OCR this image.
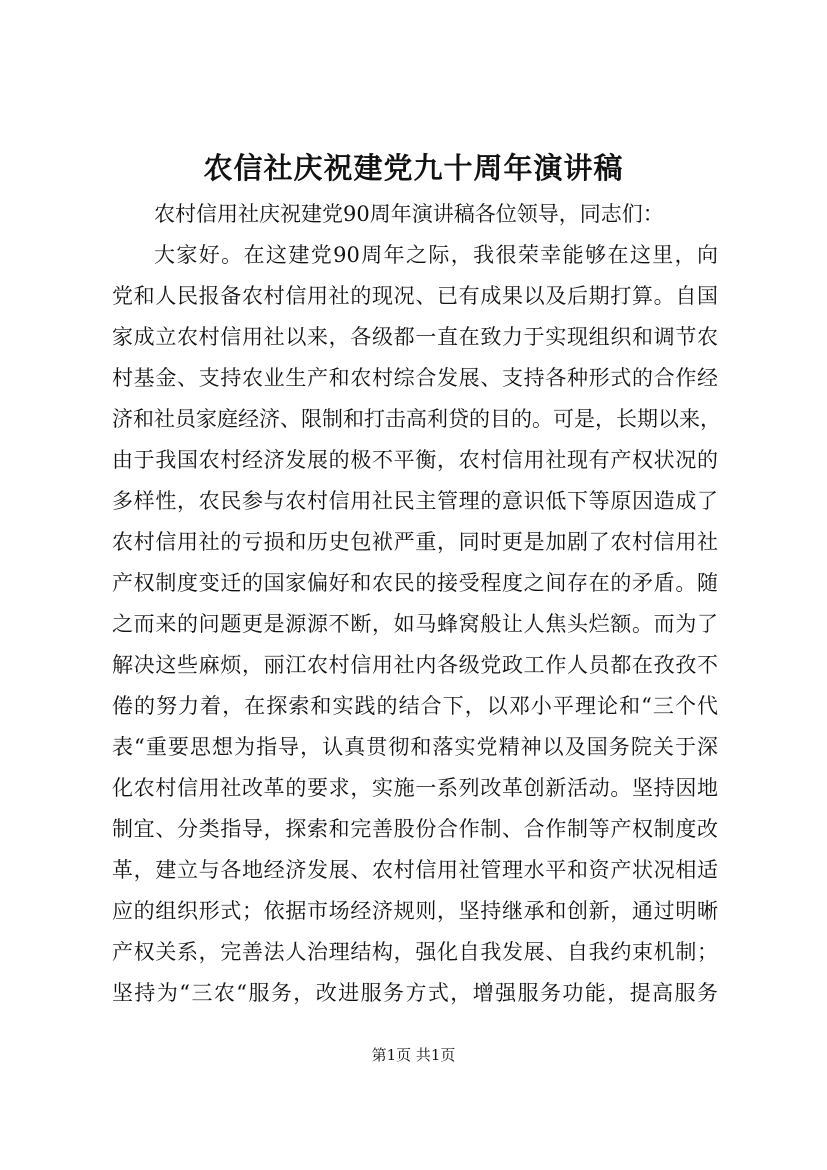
农信社庆祝建党九十周年演讲稿
农村信用社庆祝建党90周年演讲稿各位领导，同志们：
大家好。在这建党90周年之际，我很荣幸能够在这里，向
党和人民报备农村信用社的现况、已有成果以及后期打算。自国
家成立农村信用社以来，各级都一直在致力于实现组织和调节农
村基金、支持农业生产和农村综合发展、支持各种形式的合作经
济和社员家庭经济、限制和打击高利贷的目的。可是，长期以来，
由于我国农村经济发展的极不平衡，农村信用社现有产权状况的
多样性，农民参与农村信用社民主管理的意识低下等原因造成了
农村信用社的亏损和历史包袱严重，同时更是加剧了农村信用社
产权制度变迁的国家偏好和农民的接受程度之间存在的矛盾。随
之而来的问题更是源源不断，如马蜂窝般让人焦头烂额。而为了
解决这些麻烦，丽江农村信用社内各级党政工作人员都在孜孜不
倦的努力着，在探索和实践的结合下，以邓小平理论和“三个代
表“重要思想为指导，认真贯彻和落实党精神以及国务院关于深
化农村信用社改革的要求，实施一系列改革创新活动。坚持因地
制宜、分类指导，探索和完善股份合作制、合作制等产权制度改
革，建立与各地经济发展、农村信用社管理水平和资产状况相适
应的组织形式；依据市场经济规则，坚持继承和创新，通过明晰
产权关系，完善法人治理结构，强化自我发展、自我约束机制；
坚持为“三农“服务，改进服务方式，增强服务功能，提高服务
第1页 共1页
